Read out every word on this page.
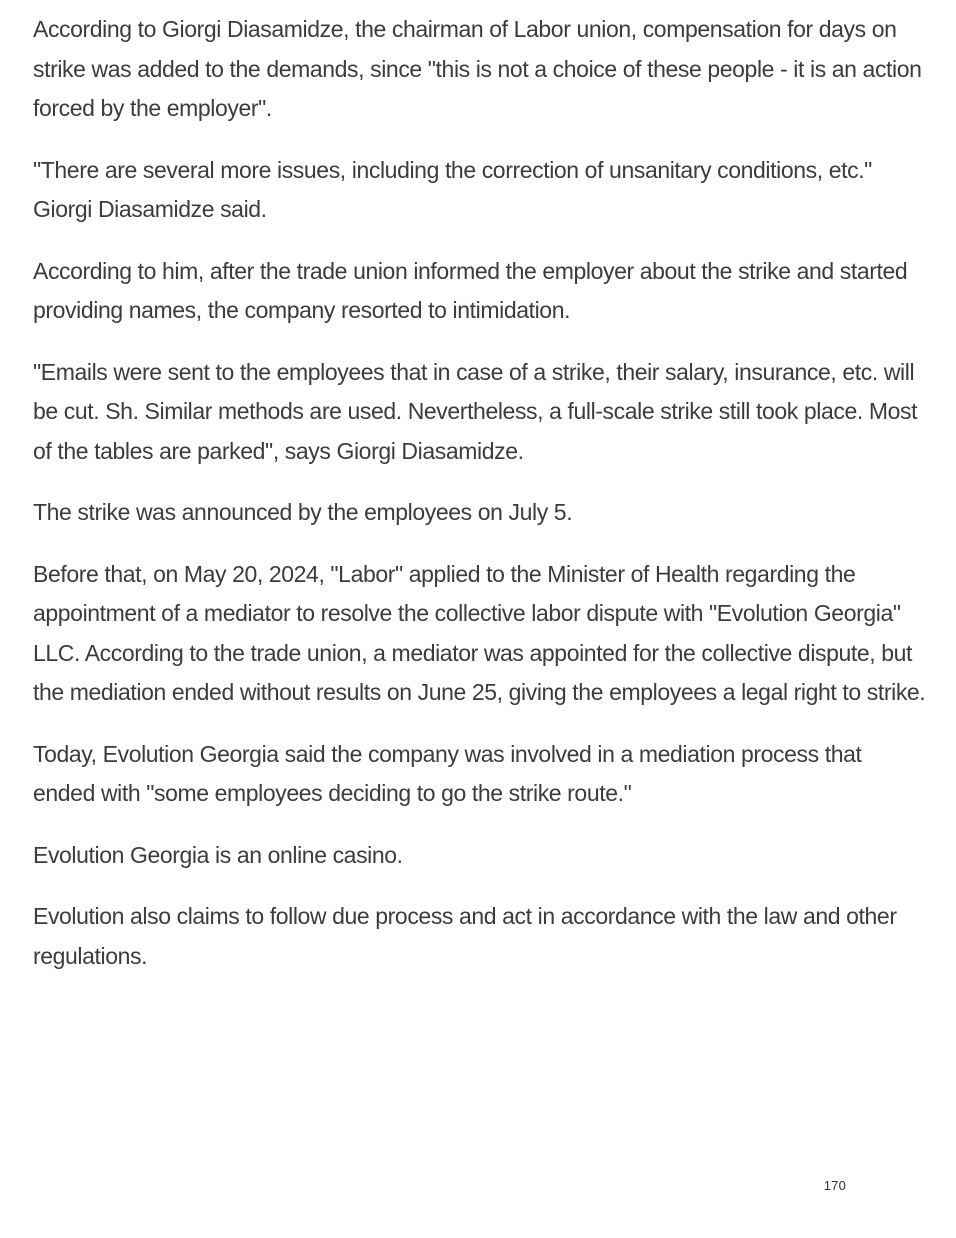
According to Giorgi Diasamidze, the chairman of Labor union, compensation for days on strike was added to the demands, since "this is not a choice of these people - it is an action forced by the employer".

"There are several more issues, including the correction of unsanitary conditions, etc." Giorgi Diasamidze said.

According to him, after the trade union informed the employer about the strike and started providing names, the company resorted to intimidation.

"Emails were sent to the employees that in case of a strike, their salary, insurance, etc. will be cut. Sh. Similar methods are used. Nevertheless, a full-scale strike still took place. Most of the tables are parked", says Giorgi Diasamidze.

The strike was announced by the employees on July 5.

Before that, on May 20, 2024, "Labor" applied to the Minister of Health regarding the appointment of a mediator to resolve the collective labor dispute with "Evolution Georgia" LLC. According to the trade union, a mediator was appointed for the collective dispute, but the mediation ended without results on June 25, giving the employees a legal right to strike.

Today, Evolution Georgia said the company was involved in a mediation process that ended with "some employees deciding to go the strike route."

Evolution Georgia is an online casino.

Evolution also claims to follow due process and act in accordance with the law and other regulations.

170
